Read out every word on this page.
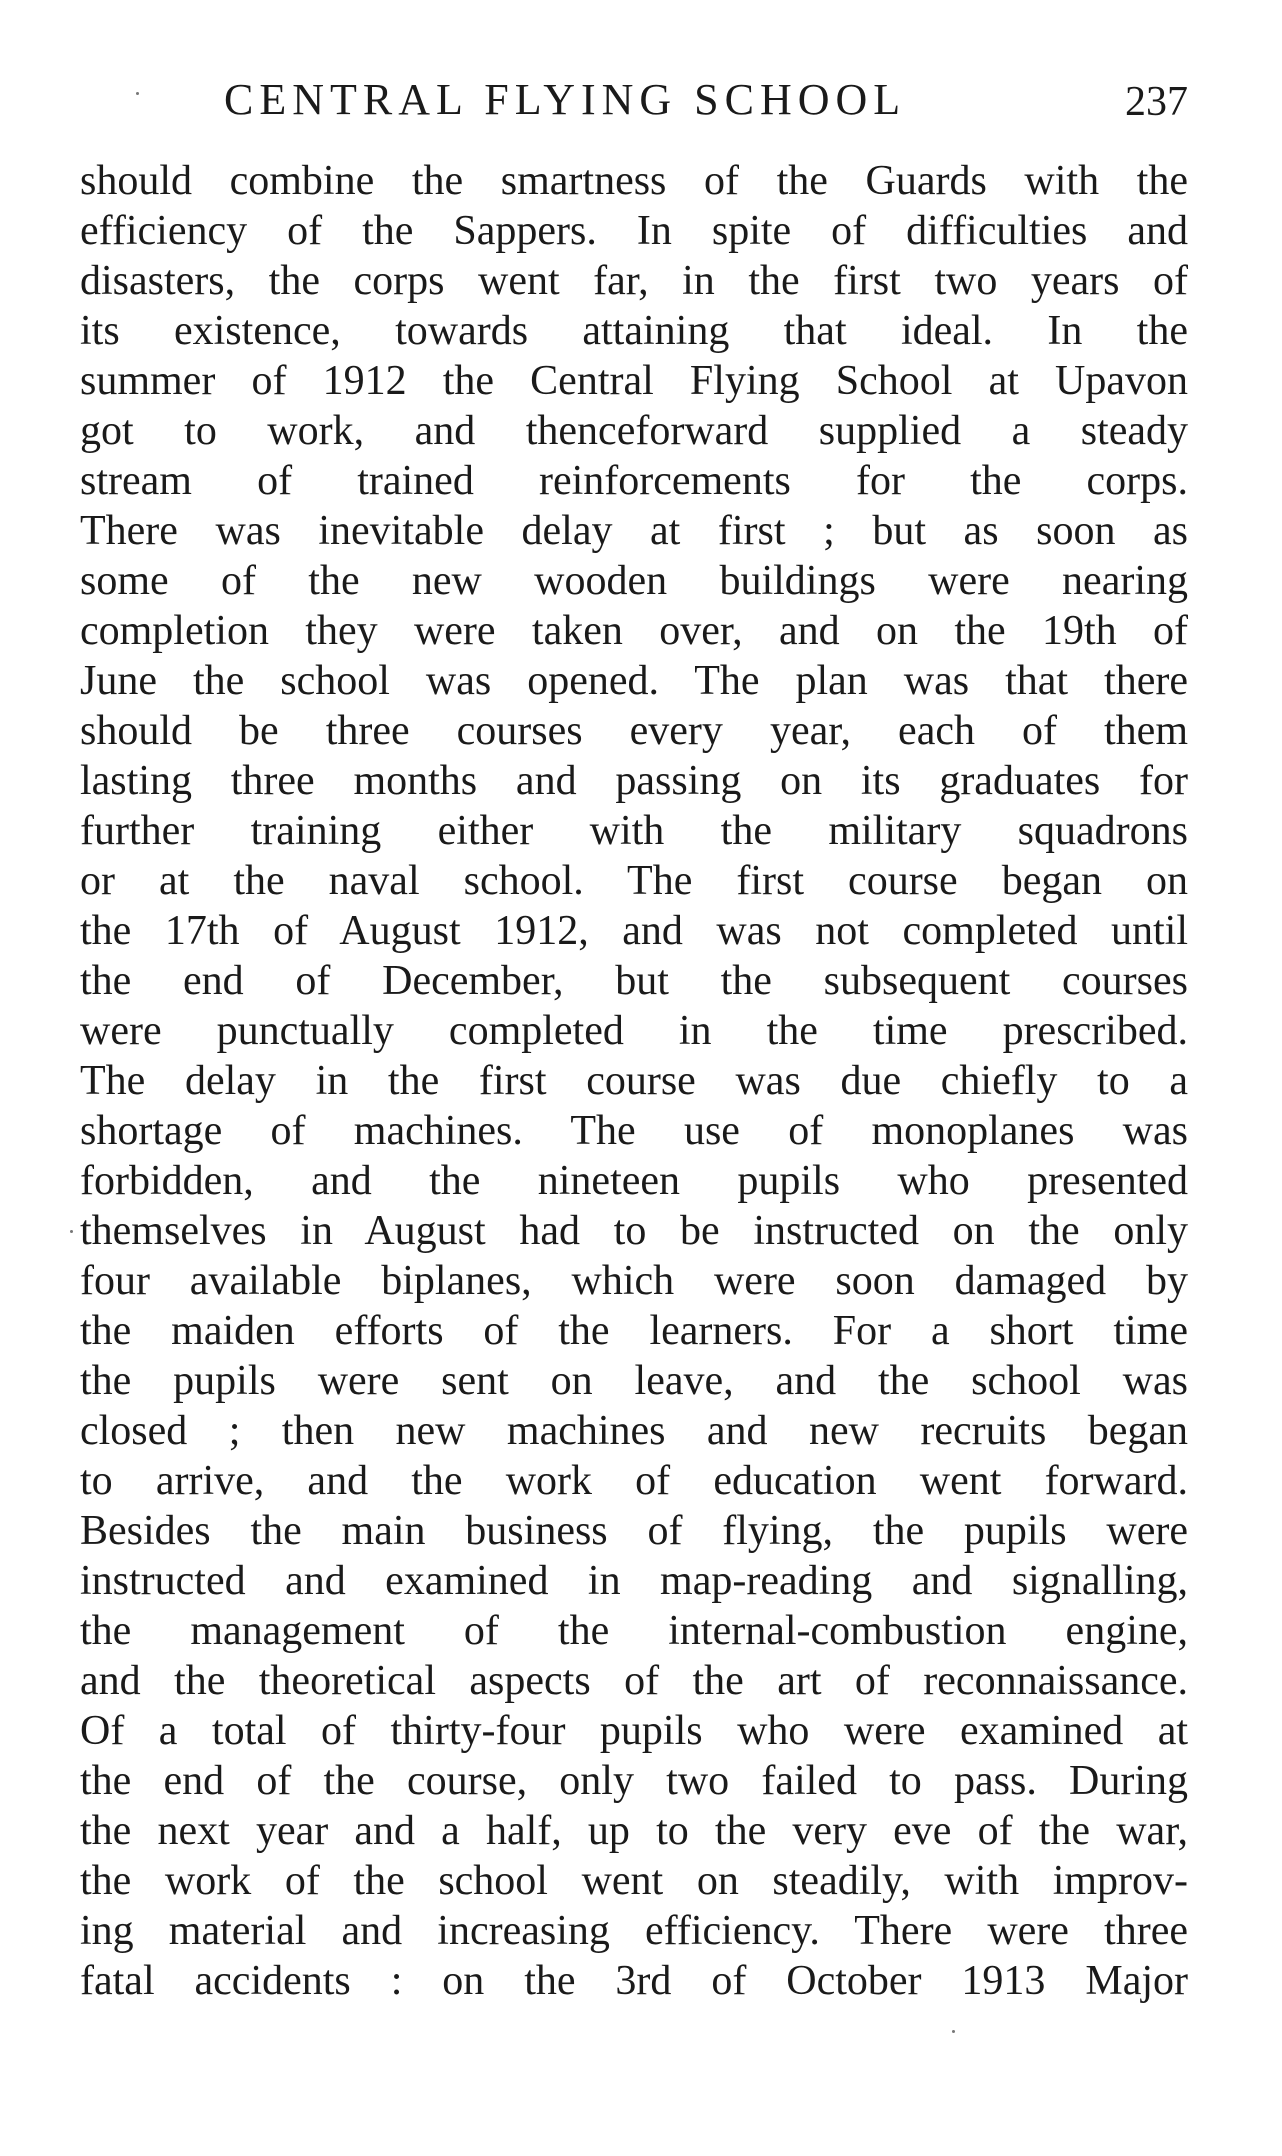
CENTRAL FLYING SCHOOL	237
should combine the smartness of the Guards with the
efficiency of the Sappers. In spite of difficulties and
disasters, the corps went far, in the first two years of
its existence, towards attaining that ideal. In the
summer of 1912 the Central Flying School at Upavon
got to work, and thenceforward supplied a steady
stream of trained reinforcements for the corps.
There was inevitable delay at first ; but as soon as
some of the new wooden buildings were nearing
completion they were taken over, and on the 19th of
June the school was opened. The plan was that there
should be three courses every year, each of them
lasting three months and passing on its graduates for
further training either with the military squadrons
or at the naval school. The first course began on
the 17th of August 1912, and was not completed until
the end of December, but the subsequent courses
were punctually completed in the time prescribed.
The delay in the first course was due chiefly to a
shortage of machines. The use of monoplanes was
forbidden, and the nineteen pupils who presented
themselves in August had to be instructed on the only
four available biplanes, which were soon damaged by
the maiden efforts of the learners. For a short time
the pupils were sent on leave, and the school was
closed ; then new machines and new recruits began
to arrive, and the work of education went forward.
Besides the main business of flying, the pupils were
instructed and examined in map-reading and signalling,
the management of the internal-combustion engine,
and the theoretical aspects of the art of reconnaissance.
Of a total of thirty-four pupils who were examined at
the end of the course, only two failed to pass. During
the next year and a half, up to the very eve of the war,
the work of the school went on steadily, with improv-
ing material and increasing efficiency. There were three
fatal accidents : on the 3rd of October 1913 Major
